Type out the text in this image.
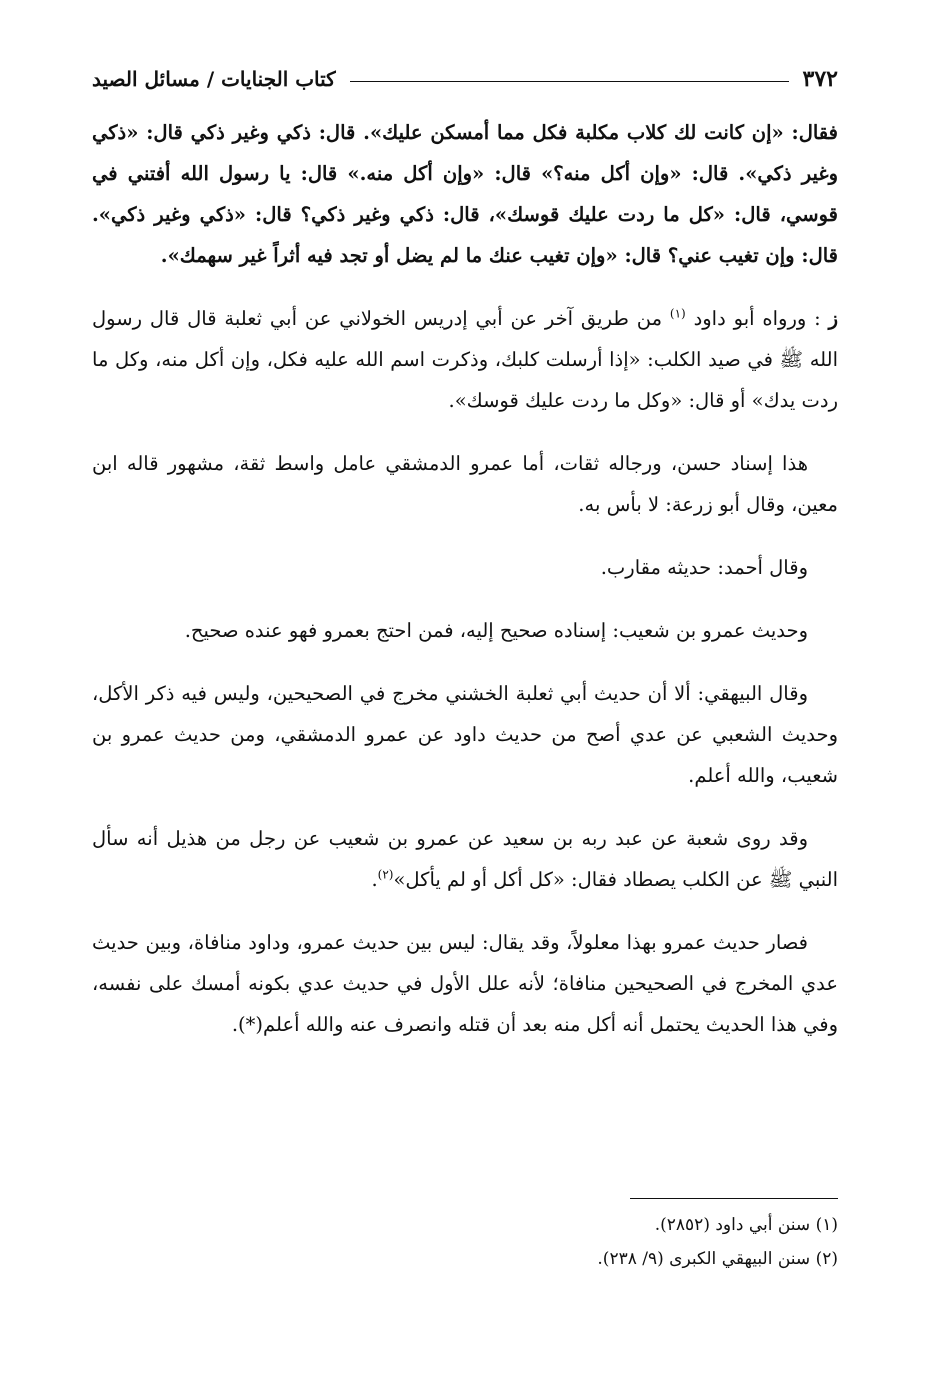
٣٧٢
كتاب الجنايات / مسائل الصيد

فقال: «إن كانت لك كلاب مكلبة فكل مما أمسكن عليك». قال: ذكي وغير ذكي قال: «ذكي وغير ذكي». قال: «وإن أكل منه؟» قال: «وإن أكل منه.» قال: يا رسول الله أفتني في قوسي، قال: «كل ما ردت عليك قوسك»، قال: ذكي وغير ذكي؟ قال: «ذكي وغير ذكي». قال: وإن تغيب عني؟ قال: «وإن تغيب عنك ما لم يضل أو تجد فيه أثراً غير سهمك».

ز : ورواه أبو داود $^{(١)}$ من طريق آخر عن أبي إدريس الخولاني عن أبي ثعلبة قال قال رسول الله ﷺ في صيد الكلب: «إذا أرسلت كلبك، وذكرت اسم الله عليه فكل، وإن أكل منه، وكل ما ردت يدك» أو قال: «وكل ما ردت عليك قوسك».

هذا إسناد حسن، ورجاله ثقات، أما عمرو الدمشقي عامل واسط ثقة، مشهور قاله ابن معين، وقال أبو زرعة: لا بأس به.

وقال أحمد: حديثه مقارب.

وحديث عمرو بن شعيب: إسناده صحيح إليه، فمن احتج بعمرو فهو عنده صحيح.

وقال البيهقي: ألا أن حديث أبي ثعلبة الخشني مخرج في الصحيحين، وليس فيه ذكر الأكل، وحديث الشعبي عن عدي أصح من حديث داود عن عمرو الدمشقي، ومن حديث عمرو بن شعيب، والله أعلم.

وقد روى شعبة عن عبد ربه بن سعيد عن عمرو بن شعيب عن رجل من هذيل أنه سأل النبي ﷺ عن الكلب يصطاد فقال: «كل أكل أو لم يأكل»$^{(٢)}$.

فصار حديث عمرو بهذا معلولاً، وقد يقال: ليس بين حديث عمرو، وداود منافاة، وبين حديث عدي المخرج في الصحيحين منافاة؛ لأنه علل الأول في حديث عدي بكونه أمسك على نفسه، وفي هذا الحديث يحتمل أنه أكل منه بعد أن قتله وانصرف عنه والله أعلم(*).

(١) سنن أبي داود (٢٨٥٢).

(٢) سنن البيهقي الكبرى (٩/ ٢٣٨).
